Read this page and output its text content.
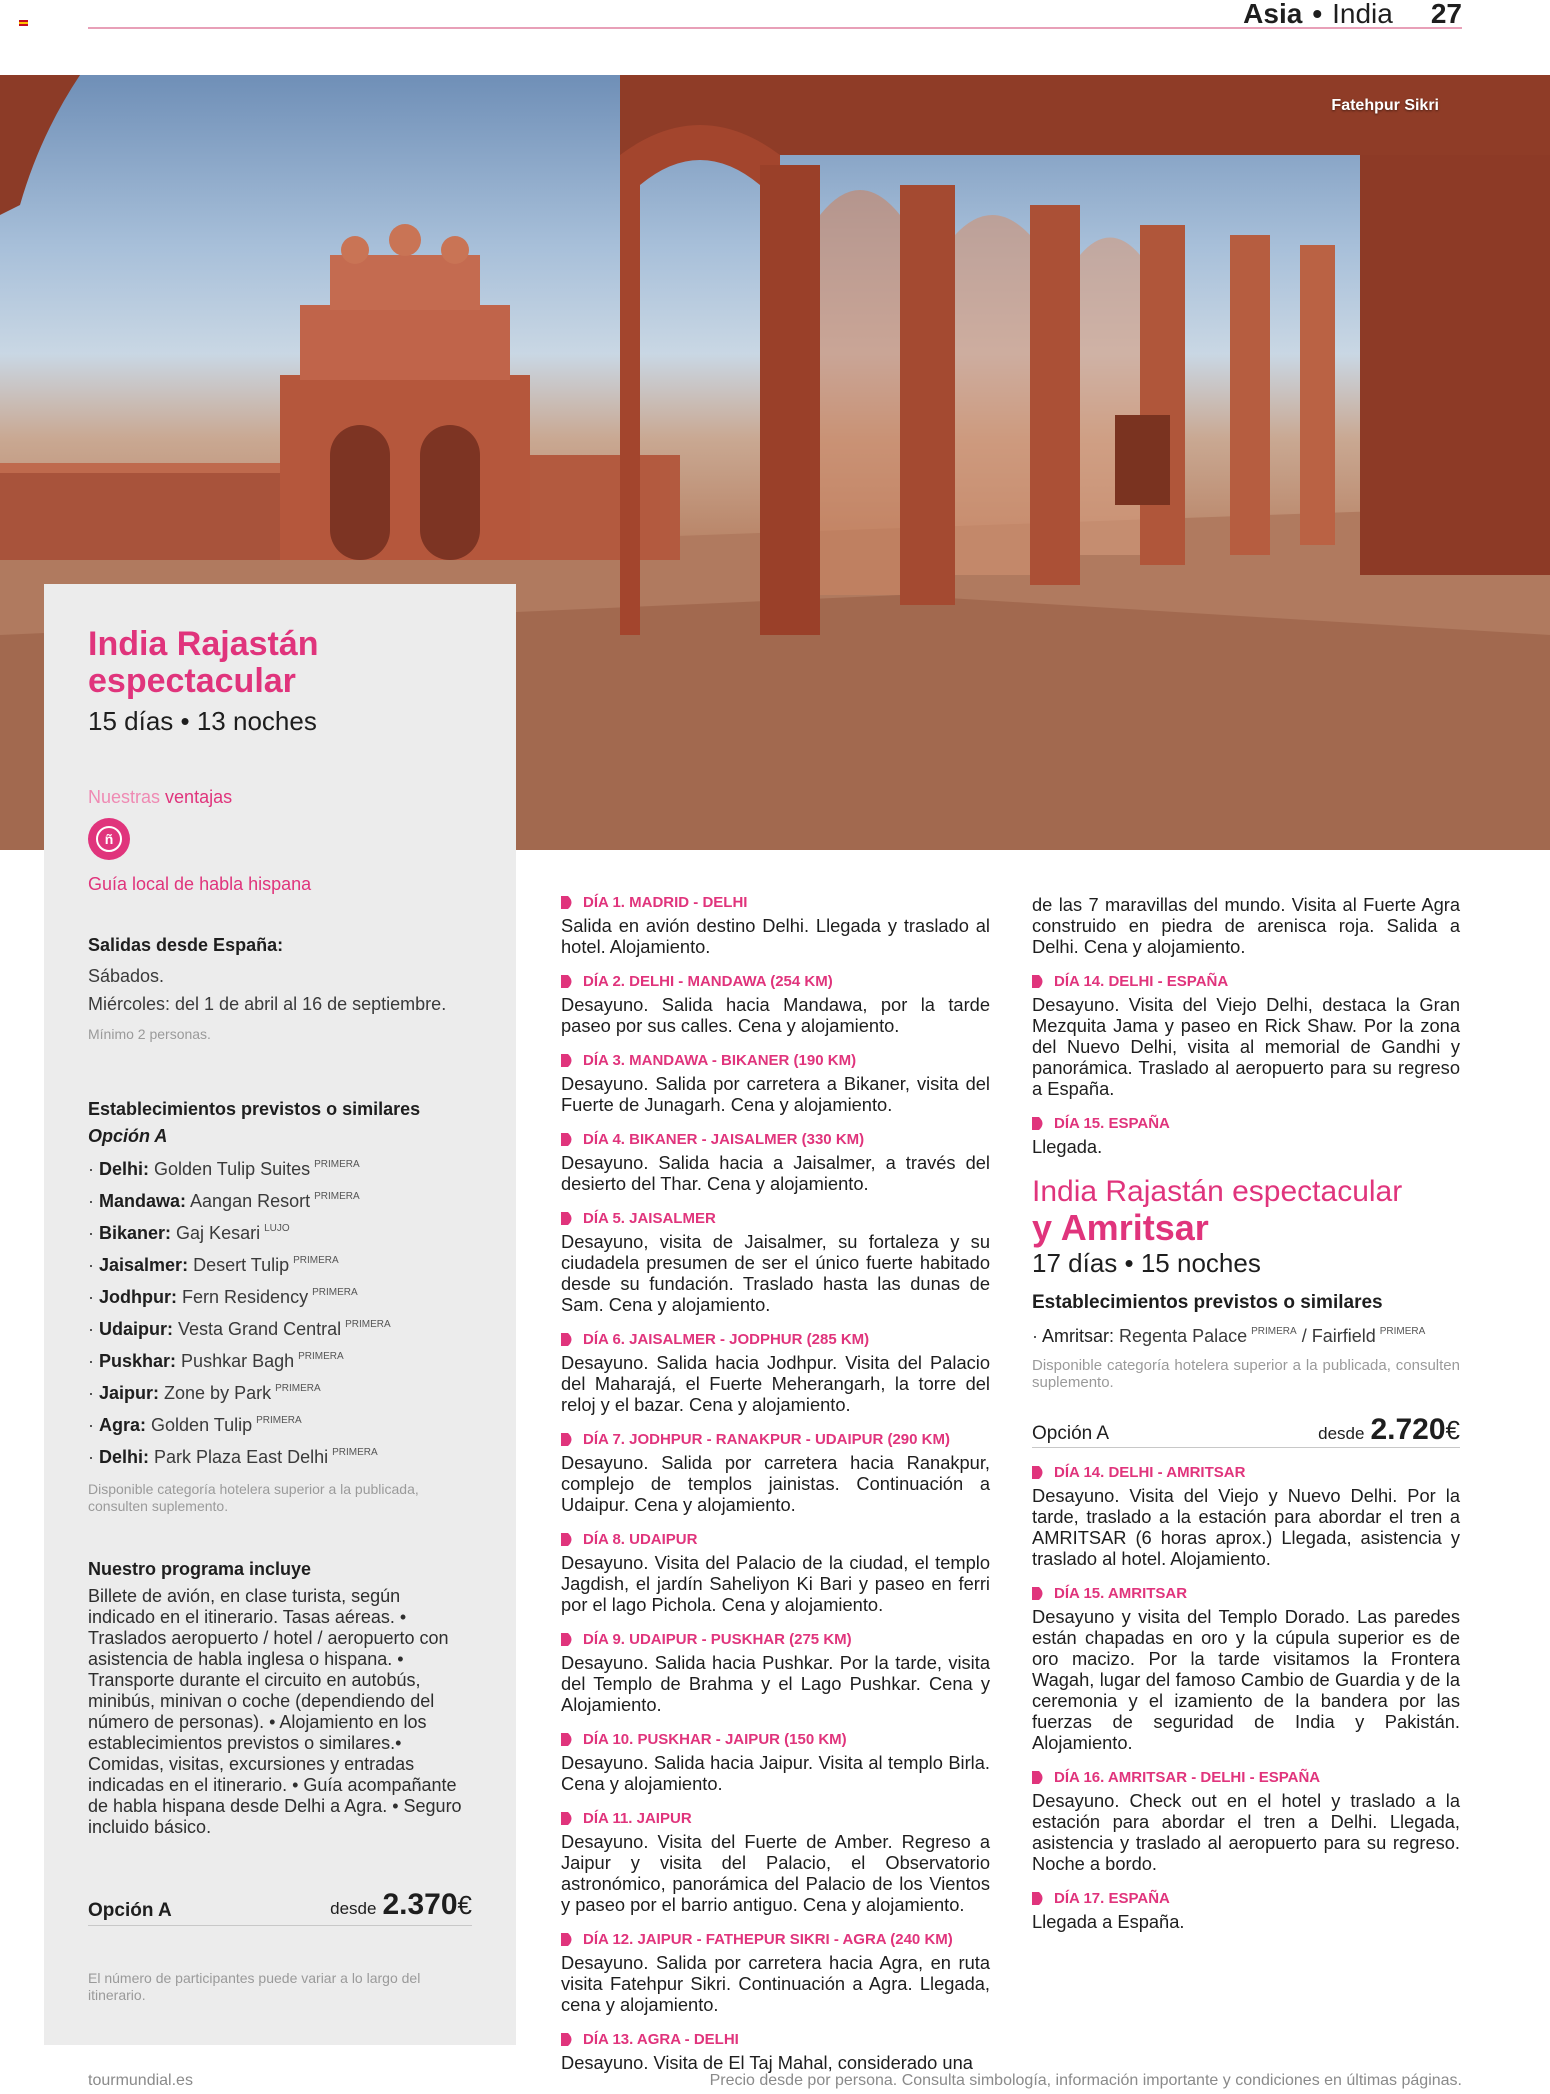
Asia • India 27
Fatehpur Sikri
India Rajastán espectacular
15 días • 13 noches
Nuestras ventajas
ñ
Guía local de habla hispana
Salidas desde España:
Sábados.
Miércoles: del 1 de abril al 16 de septiembre.
Mínimo 2 personas.
Establecimientos previstos o similares
Opción A
· Delhi: Golden Tulip Suites $^{PRIMERA}$
· Mandawa: Aangan Resort $^{PRIMERA}$
· Bikaner: Gaj Kesari $^{LUJO}$
· Jaisalmer: Desert Tulip $^{PRIMERA}$
· Jodhpur: Fern Residency $^{PRIMERA}$
· Udaipur: Vesta Grand Central $^{PRIMERA}$
· Puskhar: Pushkar Bagh $^{PRIMERA}$
· Jaipur: Zone by Park $^{PRIMERA}$
· Agra: Golden Tulip $^{PRIMERA}$
· Delhi: Park Plaza East Delhi $^{PRIMERA}$
Disponible categoría hotelera superior a la publicada, consulten suplemento.
Nuestro programa incluye
Billete de avión, en clase turista, según indicado en el itinerario. Tasas aéreas. • Traslados aeropuerto / hotel / aeropuerto con asistencia de habla inglesa o hispana. • Transporte durante el circuito en autobús, minibús, minivan o coche (dependiendo del número de personas). • Alojamiento en los establecimientos previstos o similares.• Comidas, visitas, excursiones y entradas indicadas en el itinerario. • Guía acompañante de habla hispana desde Delhi a Agra. • Seguro incluido básico.
Opción A	desde 2.370€
El número de participantes puede variar a lo largo del itinerario.
DÍA 1. MADRID - DELHI
Salida en avión destino Delhi. Llegada y traslado al hotel. Alojamiento.
DÍA 2. DELHI - MANDAWA (254 KM)
Desayuno. Salida hacia Mandawa, por la tarde paseo por sus calles. Cena y alojamiento.
DÍA 3. MANDAWA - BIKANER (190 KM)
Desayuno. Salida por carretera a Bikaner, visita del Fuerte de Junagarh. Cena y alojamiento.
DÍA 4. BIKANER - JAISALMER (330 KM)
Desayuno. Salida hacia a Jaisalmer, a través del desierto del Thar. Cena y alojamiento.
DÍA 5. JAISALMER
Desayuno, visita de Jaisalmer, su fortaleza y su ciudadela presumen de ser el único fuerte habitado desde su fundación. Traslado hasta las dunas de Sam. Cena y alojamiento.
DÍA 6. JAISALMER - JODPHUR (285 KM)
Desayuno. Salida hacia Jodhpur. Visita del Palacio del Maharajá, el Fuerte Meherangarh, la torre del reloj y el bazar. Cena y alojamiento.
DÍA 7. JODHPUR - RANAKPUR - UDAIPUR (290 KM)
Desayuno. Salida por carretera hacia Ranakpur, complejo de templos jainistas. Continuación a Udaipur. Cena y alojamiento.
DÍA 8. UDAIPUR
Desayuno. Visita del Palacio de la ciudad, el templo Jagdish, el jardín Saheliyon Ki Bari y paseo en ferri por el lago Pichola. Cena y alojamiento.
DÍA 9. UDAIPUR - PUSKHAR (275 KM)
Desayuno. Salida hacia Pushkar. Por la tarde, visita del Templo de Brahma y el Lago Pushkar. Cena y Alojamiento.
DÍA 10. PUSKHAR - JAIPUR (150 KM)
Desayuno. Salida hacia Jaipur. Visita al templo Birla. Cena y alojamiento.
DÍA 11. JAIPUR
Desayuno. Visita del Fuerte de Amber. Regreso a Jaipur y visita del Palacio, el Observatorio astronómico, panorámica del Palacio de los Vientos y paseo por el barrio antiguo. Cena y alojamiento.
DÍA 12. JAIPUR - FATHEPUR SIKRI - AGRA (240 KM)
Desayuno. Salida por carretera hacia Agra, en ruta visita Fatehpur Sikri. Continuación a Agra. Llegada, cena y alojamiento.
DÍA 13. AGRA - DELHI
Desayuno. Visita de El Taj Mahal, considerado una
de las 7 maravillas del mundo. Visita al Fuerte Agra construido en piedra de arenisca roja. Salida a Delhi. Cena y alojamiento.
DÍA 14. DELHI - ESPAÑA
Desayuno. Visita del Viejo Delhi, destaca la Gran Mezquita Jama y paseo en Rick Shaw. Por la zona del Nuevo Delhi, visita al memorial de Gandhi y panorámica. Traslado al aeropuerto para su regreso a España.
DÍA 15. ESPAÑA
Llegada.
India Rajastán espectacular
y Amritsar
17 días • 15 noches
Establecimientos previstos o similares
· Amritsar: Regenta Palace $^{PRIMERA}$ / Fairfield $^{PRIMERA}$
Disponible categoría hotelera superior a la publicada, consulten suplemento.
Opción A	desde 2.720€
DÍA 14. DELHI - AMRITSAR
Desayuno. Visita del Viejo y Nuevo Delhi. Por la tarde, traslado a la estación para abordar el tren a AMRITSAR (6 horas aprox.) Llegada, asistencia y traslado al hotel. Alojamiento.
DÍA 15. AMRITSAR
Desayuno y visita del Templo Dorado. Las paredes están chapadas en oro y la cúpula superior es de oro macizo. Por la tarde visitamos la Frontera Wagah, lugar del famoso Cambio de Guardia y de la ceremonia y el izamiento de la bandera por las fuerzas de seguridad de India y Pakistán. Alojamiento.
DÍA 16. AMRITSAR - DELHI - ESPAÑA
Desayuno. Check out en el hotel y traslado a la estación para abordar el tren a Delhi. Llegada, asistencia y traslado al aeropuerto para su regreso. Noche a bordo.
DÍA 17. ESPAÑA
Llegada a España.
tourmundial.es	Precio desde por persona. Consulta simbología, información importante y condiciones en últimas páginas.
